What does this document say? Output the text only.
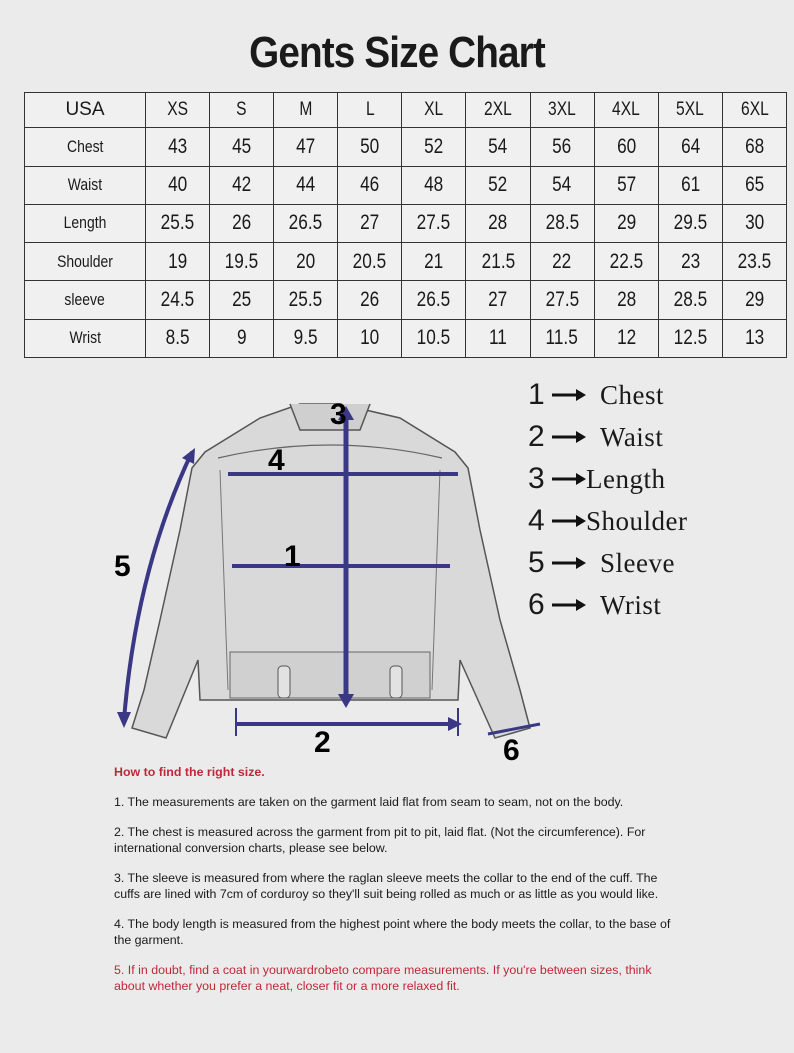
Gents Size Chart
USA	XS	S	M	L	XL	2XL	3XL	4XL	5XL	6XL
Chest	43	45	47	50	52	54	56	60	64	68
Waist	40	42	44	46	48	52	54	57	61	65
Length	25.5	26	26.5	27	27.5	28	28.5	29	29.5	30
Shoulder	19	19.5	20	20.5	21	21.5	22	22.5	23	23.5
sleeve	24.5	25	25.5	26	26.5	27	27.5	28	28.5	29
Wrist	8.5	9	9.5	10	10.5	11	11.5	12	12.5	13
3
4
1
5
2	6
1 Chest
2 Waist
3 Length
4 Shoulder
5 Sleeve
6 Wrist
How to find the right size.

1. The measurements are taken on the garment laid flat from seam to seam, not on the body.

2. The chest is measured across the garment from pit to pit, laid flat. (Not the circumference). For international conversion charts, please see below.

3. The sleeve is measured from where the raglan sleeve meets the collar to the end of the cuff. The cuffs are lined with 7cm of corduroy so they'll suit being rolled as much or as little as you would like.

4. The body length is measured from the highest point where the body meets the collar, to the base of the garment.

5. If in doubt, find a coat in yourwardrobeto compare measurements. If you're between sizes, think about whether you prefer a neat, closer fit or a more relaxed fit.
